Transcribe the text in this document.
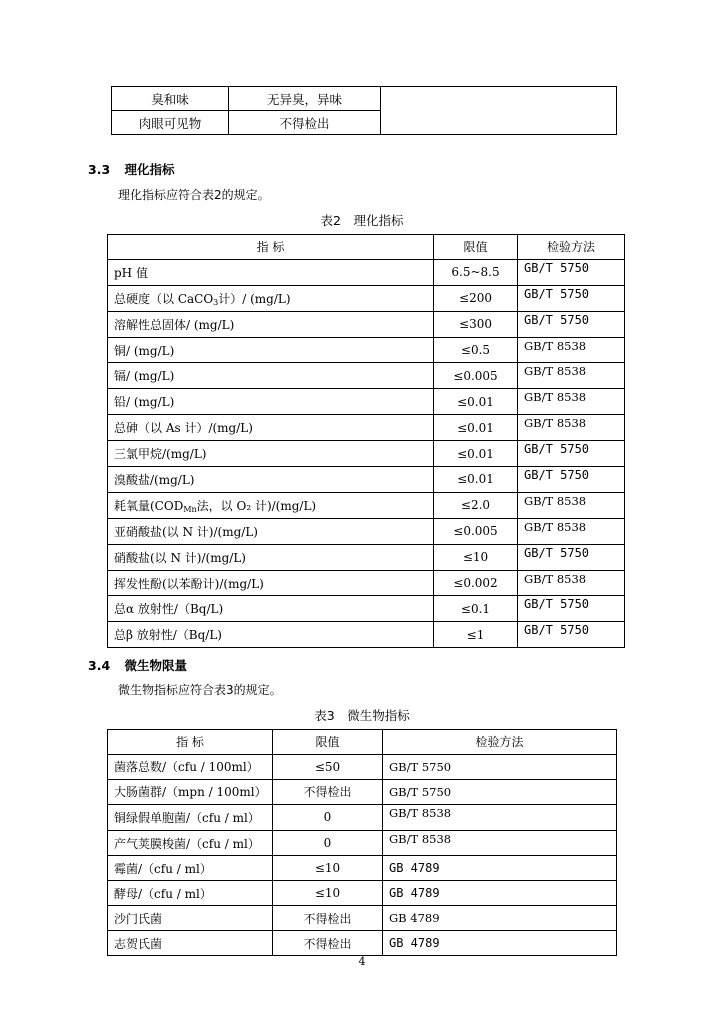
臭和味	无异臭，异味	
肉眼可见物	不得检出	
3.3 理化指标
理化指标应符合表2的规定。
表2　理化指标
指 标	限值	检验方法
pH 值	6.5~8.5	GB/T 5750
总硬度（以 CaCO$_3$计）/ (mg/L)	≤200	GB/T 5750
溶解性总固体/ (mg/L)	≤300	GB/T 5750
铜/ (mg/L)	≤0.5	GB/T 8538
镉/ (mg/L)	≤0.005	GB/T 8538
铅/ (mg/L)	≤0.01	GB/T 8538
总砷（以 As 计）/(mg/L)	≤0.01	GB/T 8538
三氯甲烷/(mg/L)	≤0.01	GB/T 5750
溴酸盐/(mg/L)	≤0.01	GB/T 5750
耗氧量($COD_{Mn}$法，以 O₂ 计)/(mg/L)	≤2.0	GB/T 8538
亚硝酸盐(以 N 计)/(mg/L)	≤0.005	GB/T 8538
硝酸盐(以 N 计)/(mg/L)	≤10	GB/T 5750
挥发性酚(以苯酚计)/(mg/L)	≤0.002	GB/T 8538
总α 放射性/（Bq/L)	≤0.1	GB/T 5750
总β 放射性/（Bq/L)	≤1	GB/T 5750
3.4 微生物限量
微生物指标应符合表3的规定。
表3　微生物指标
指 标	限值	检验方法
菌落总数/（cfu / 100ml）	≤50	GB/T 5750
大肠菌群/（mpn / 100ml）	不得检出	GB/T 5750
铜绿假单胞菌/（cfu / ml）	0	GB/T 8538
产气荚膜梭菌/（cfu / ml）	0	GB/T 8538
霉菌/（cfu / ml）	≤10	GB 4789
酵母/（cfu / ml）	≤10	GB 4789
沙门氏菌	不得检出	GB 4789
志贺氏菌	不得检出	GB 4789
4
